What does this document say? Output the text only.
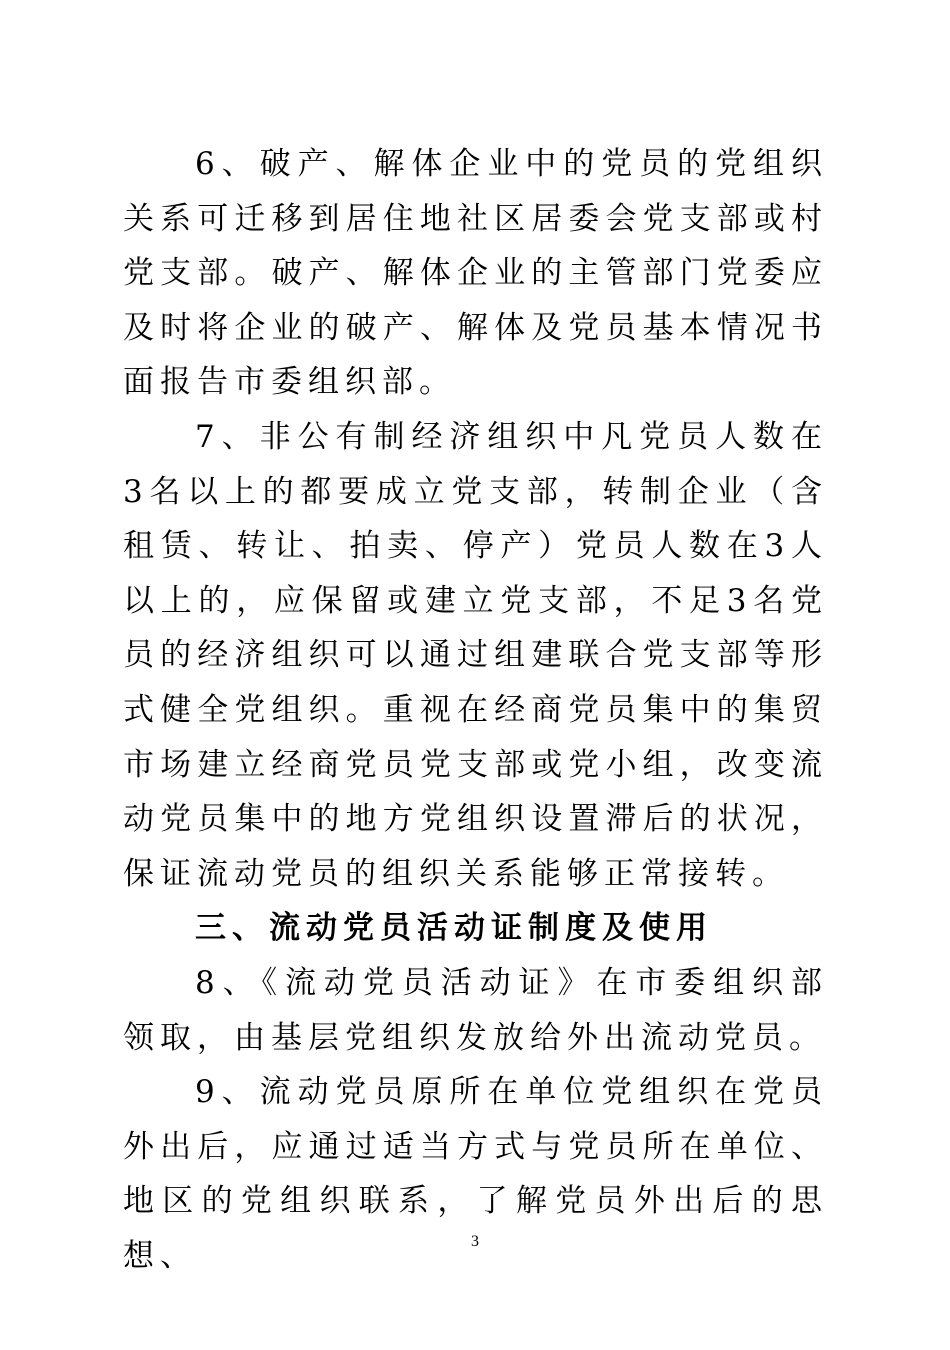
6、破产、解体企业中的党员的党组织关系可迁移到居住地社区居委会党支部或村党支部。破产、解体企业的主管部门党委应及时将企业的破产、解体及党员基本情况书面报告市委组织部。

7、非公有制经济组织中凡党员人数在3名以上的都要成立党支部，转制企业（含租赁、转让、拍卖、停产）党员人数在3人以上的，应保留或建立党支部，不足3名党员的经济组织可以通过组建联合党支部等形式健全党组织。重视在经商党员集中的集贸市场建立经商党员党支部或党小组，改变流动党员集中的地方党组织设置滞后的状况，保证流动党员的组织关系能够正常接转。

三、流动党员活动证制度及使用

8、《流动党员活动证》在市委组织部领取，由基层党组织发放给外出流动党员。

9、流动党员原所在单位党组织在党员外出后，应通过适当方式与党员所在单位、地区的党组织联系，了解党员外出后的思想、	3
